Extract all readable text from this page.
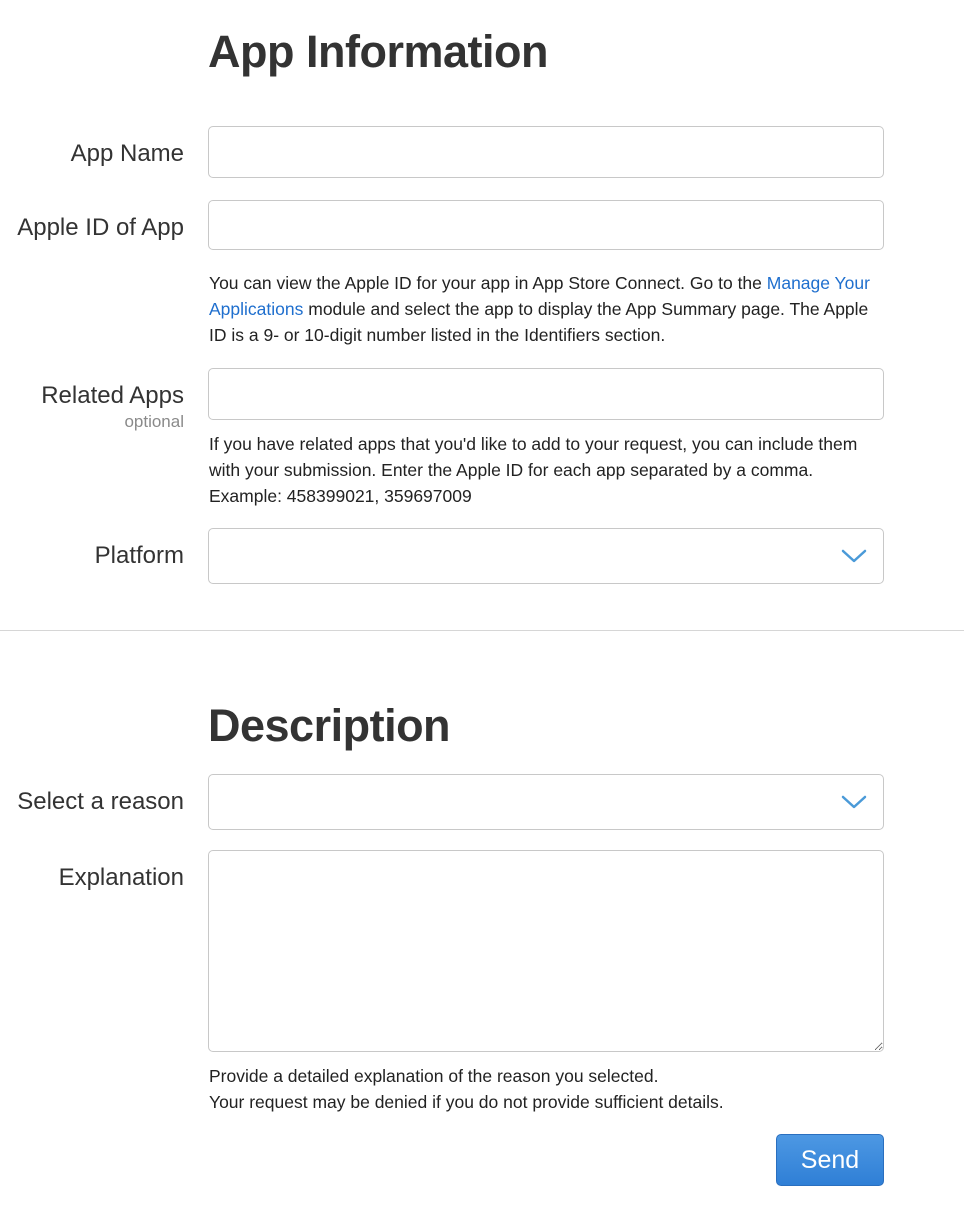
App Information
App Name
Apple ID of App
You can view the Apple ID for your app in App Store Connect. Go to the Manage Your Applications module and select the app to display the App Summary page. The Apple ID is a 9- or 10-digit number listed in the Identifiers section.
Related Apps
optional
If you have related apps that you'd like to add to your request, you can include them with your submission. Enter the Apple ID for each app separated by a comma. Example: 458399021, 359697009
Platform
Description
Select a reason
Explanation
Provide a detailed explanation of the reason you selected.
Your request may be denied if you do not provide sufficient details.
Send
